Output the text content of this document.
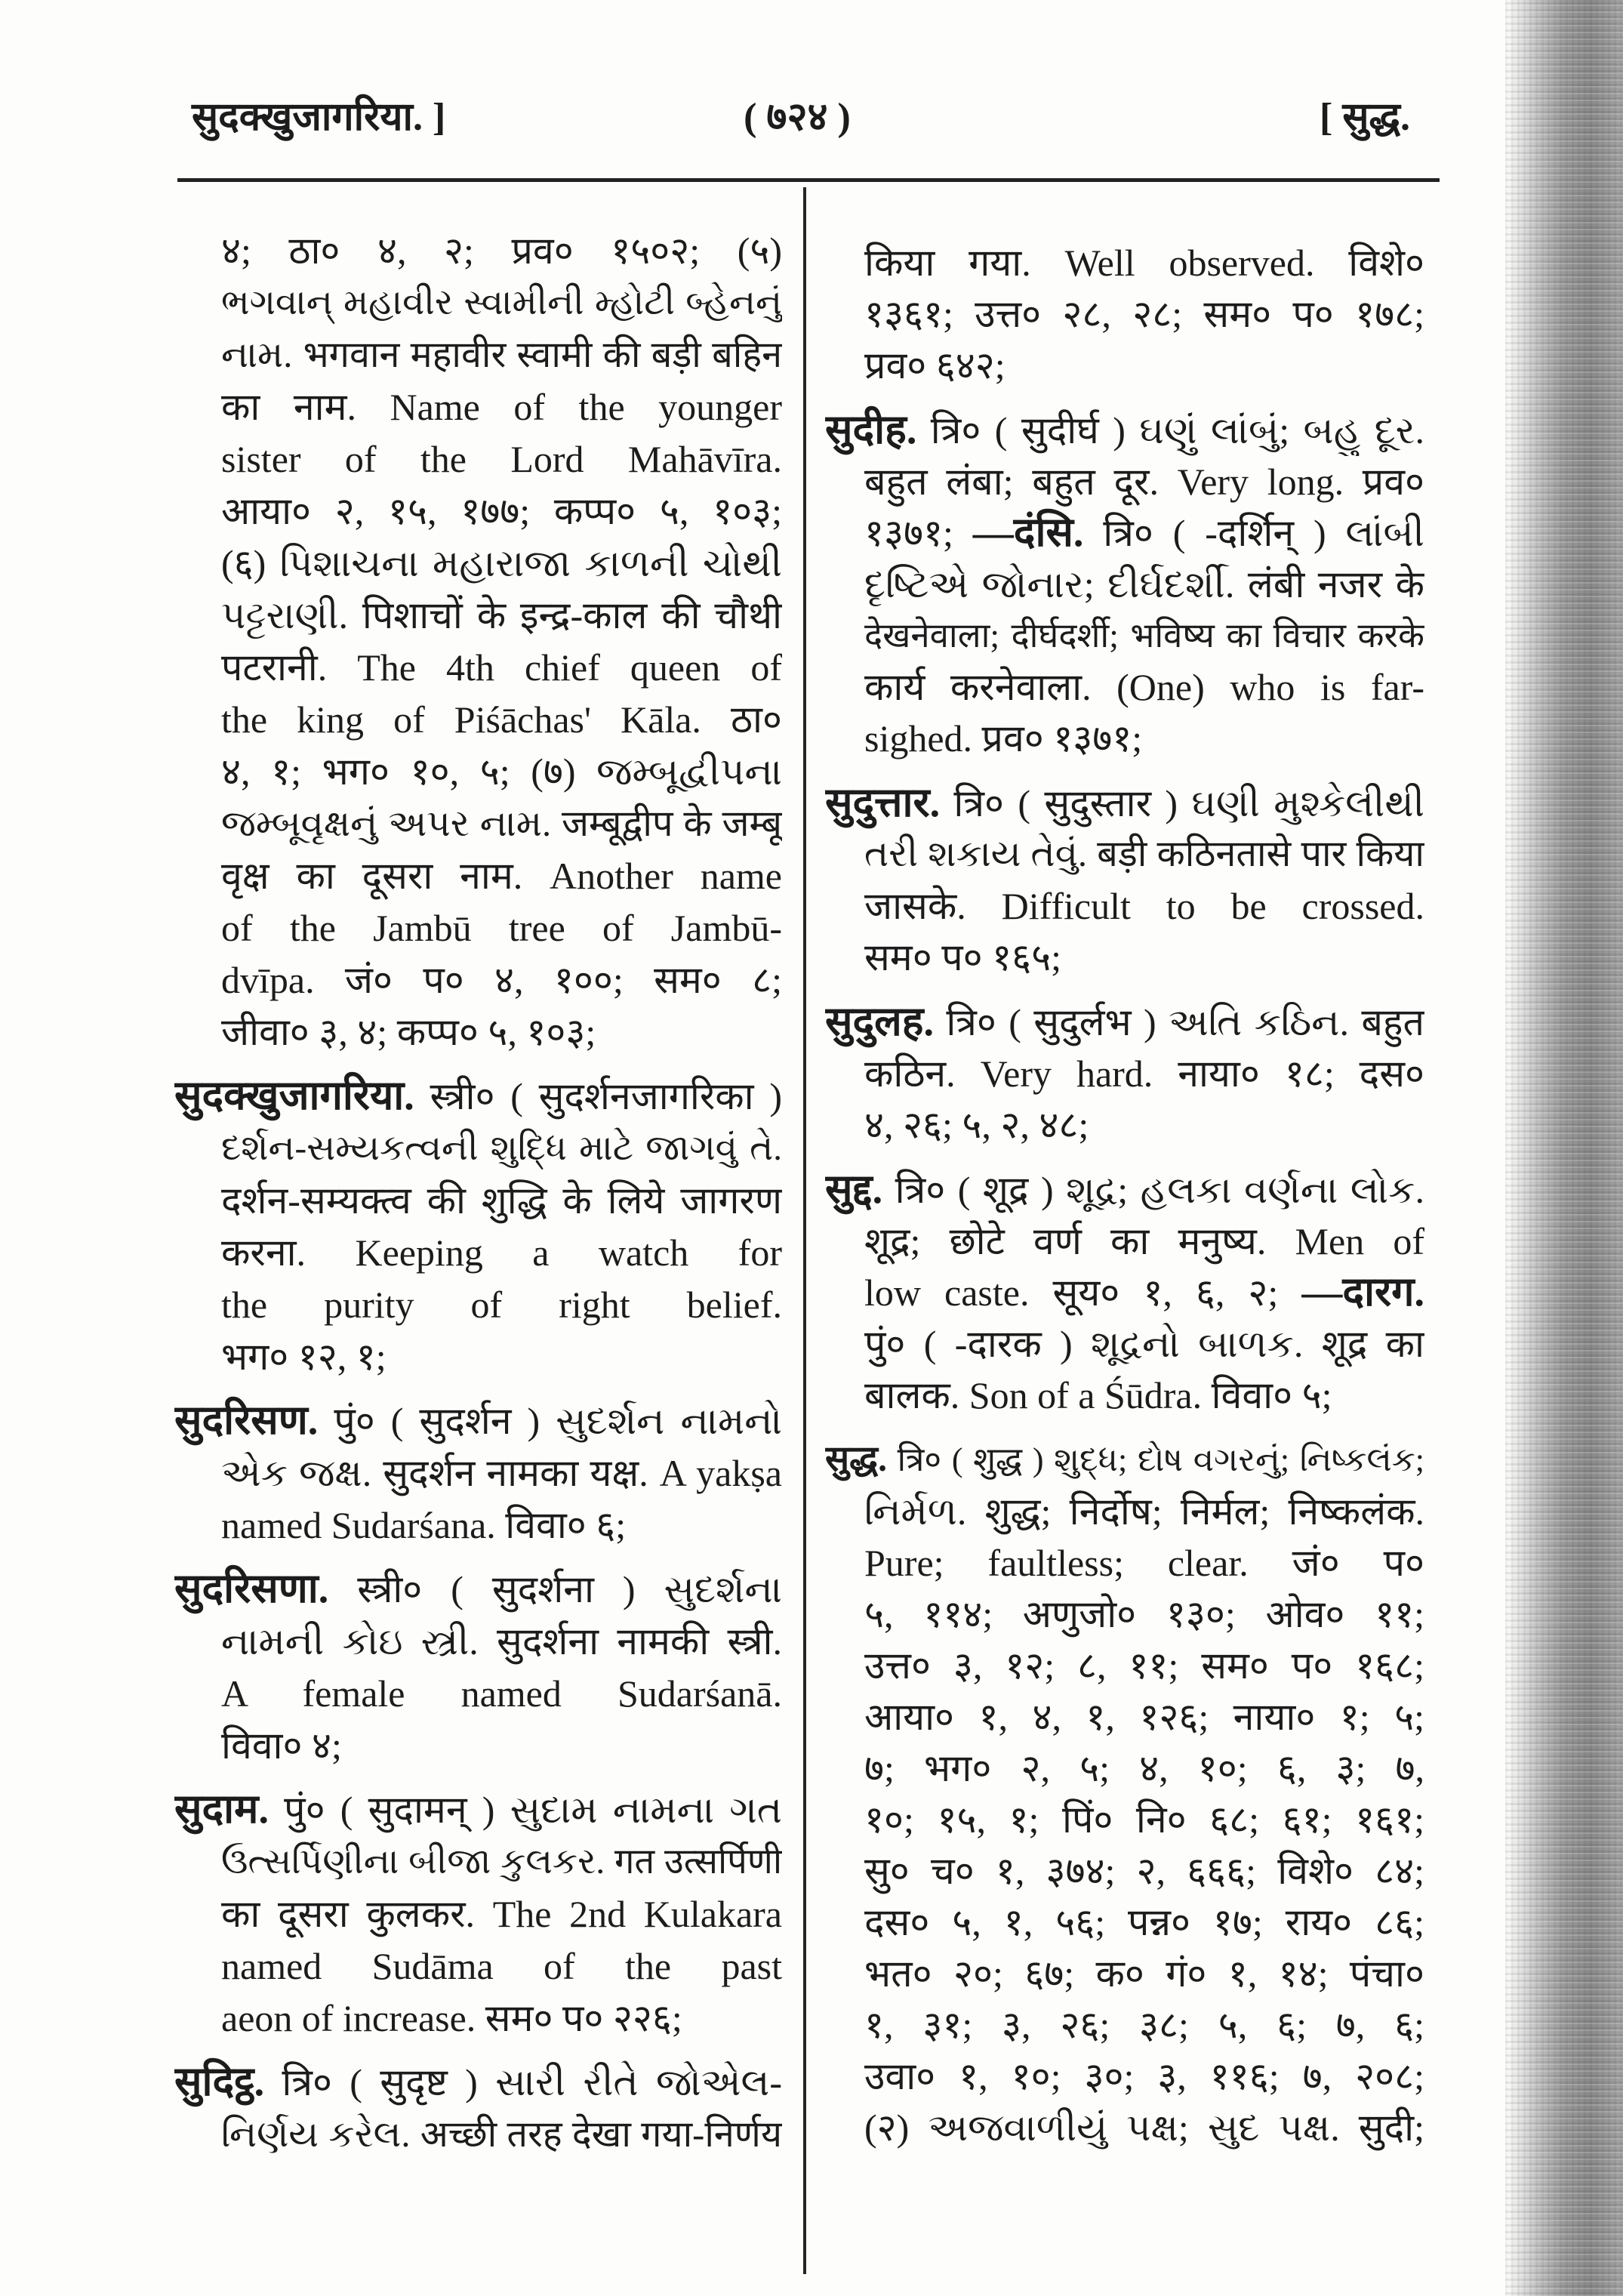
सुदक्खुजागरिया. ]	( ७२४ )	[ सुद्ध.
४; ठा० ४, २; प्रव० १५०२; (५)
ભગવાન્ મહાવીર સ્વામીની મ્હોટી બ્હેનનું
નામ. भगवान महावीर स्वामी की बड़ी बहिन
का नाम. Name of the younger
sister of the Lord Mahāvīra.
आया० २, १५, १७७; कप्प० ५, १०३;
(६) પિશાચના મહારાજા કાળની ચોથી
પટ્ટરાણી. पिशाचों के इन्द्र-काल की चौथी
पटरानी. The 4th chief queen of
the king of Piśāchas' Kāla. ठा०
४, १; भग० १०, ५; (७) જમ્બૂદ્વીપના
જમ્બૂવૃક્ષનું અપર નામ. जम्बूद्वीप के जम्बू
वृक्ष का दूसरा नाम. Another name
of the Jambū tree of Jambū-
dvīpa. जं० प० ४, १००; सम० ८;
जीवा० ३, ४; कप्प० ५, १०३;
सुदक्खुजागरिया. स्त्री० ( सुदर्शनजागरिका )
દર્શન-સમ્યકત્વની શુદ્ધિ માટે જાગવું તે.
दर्शन-सम्यक्त्व की शुद्धि के लिये जागरण
करना. Keeping a watch for
the purity of right belief.
भग० १२, १;
सुदरिसण. पुं० ( सुदर्शन ) સુદર્શન નામનો
એક જક્ષ. सुदर्शन नामका यक्ष. A yakṣa
named Sudarśana. विवा० ६;
सुदरिसणा. स्त्री० ( सुदर्शना ) સુદર્શના
નામની કોઇ સ્ત્રી. सुदर्शना नामकी स्त्री.
A female named Sudarśanā.
विवा० ४;
सुदाम. पुं० ( सुदामन् ) સુદામ નામના ગત
ઉત્સર્પિણીના બીજા કુલકર. गत उत्सर्पिणी
का दूसरा कुलकर. The 2nd Kulakara
named Sudāma of the past
aeon of increase. सम० प० २२६;
सुदिट्ठ. त्रि० ( सुदृष्ट ) સારી રીતે જોએલ-
નિર્ણય કરેલ. अच्छी तरह देखा गया-निर्णय
किया गया. Well observed. विशे०
१३६१; उत्त० २८, २८; सम० प० १७८;
प्रव० ६४२;
सुदीह. त्रि० ( सुदीर्घ ) ઘણું લાંબું; બહુ દૂર.
बहुत लंबा; बहुत दूर. Very long. प्रव०
१३७१; —दंसि. त्रि० ( -दर्शिन् ) લાંબી
દૃષ્ટિએ જોનાર; દીર્ઘદર્શી. लंबी नजर के
देखनेवाला; दीर्घदर्शी; भविष्य का विचार करके
कार्य करनेवाला. (One) who is far-
sighed. प्रव० १३७१;
सुदुत्तार. त्रि० ( सुदुस्तार ) ઘણી મુશ્કેલીથી
તરી શકાય તેવું. बड़ी कठिनतासे पार किया
जासके. Difficult to be crossed.
सम० प० १६५;
सुदुलह. त्रि० ( सुदुर्लभ ) અતિ કઠિન. बहुत
कठिन. Very hard. नाया० १८; दस०
४, २६; ५, २, ४८;
सुद्द. त्रि० ( शूद्र ) શૂદ્ર; હલકા વર્ણના લોક.
शूद्र; छोटे वर्ण का मनुष्य. Men of
low caste. सूय० १, ६, २; —दारग.
पुं० ( -दारक ) શૂદ્રનો બાળક. शूद्र का
बालक. Son of a Śūdra. विवा० ५;
सुद्ध. त्रि० ( शुद्ध ) શુદ્ધ; દોષ વગરનું; નિષ્કલંક;
નિર્મળ. शुद्ध; निर्दोष; निर्मल; निष्कलंक.
Pure; faultless; clear. जं० प०
५, ११४; अणुजो० १३०; ओव० ११;
उत्त० ३, १२; ८, ११; सम० प० १६८;
आया० १, ४, १, १२६; नाया० १; ५;
७; भग० २, ५; ४, १०; ६, ३; ७,
१०; १५, १; पिं० नि० ६८; ६१; १६१;
सु० च० १, ३७४; २, ६६६; विशे० ८४;
दस० ५, १, ५६; पन्न० १७; राय० ८६;
भत० २०; ६७; क० गं० १, १४; पंचा०
१, ३१; ३, २६; ३८; ५, ६; ७, ६;
उवा० १, १०; ३०; ३, ११६; ७, २०८;
(२) અજવાળીયું પક્ષ; સુદ પક્ષ. सुदी;
